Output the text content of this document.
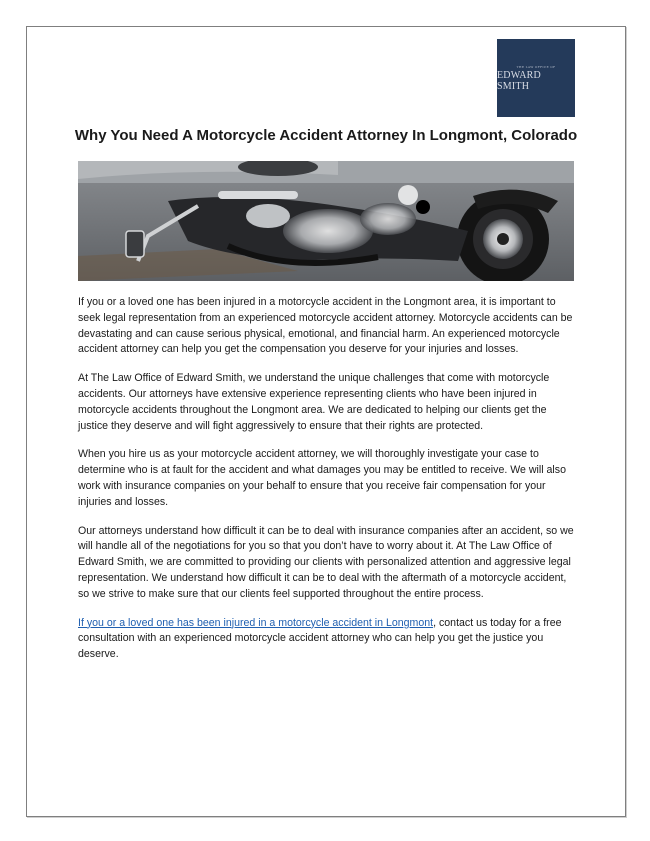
THE LAW OFFICE OF
EDWARD SMITH
Why You Need A Motorcycle Accident Attorney In Longmont, Colorado

If you or a loved one has been injured in a motorcycle accident in the Longmont area, it is important to seek legal representation from an experienced motorcycle accident attorney. Motorcycle accidents can be devastating and can cause serious physical, emotional, and financial harm. An experienced motorcycle accident attorney can help you get the compensation you deserve for your injuries and losses.

At The Law Office of Edward Smith, we understand the unique challenges that come with motorcycle accidents. Our attorneys have extensive experience representing clients who have been injured in motorcycle accidents throughout the Longmont area. We are dedicated to helping our clients get the justice they deserve and will fight aggressively to ensure that their rights are protected.

When you hire us as your motorcycle accident attorney, we will thoroughly investigate your case to determine who is at fault for the accident and what damages you may be entitled to receive. We will also work with insurance companies on your behalf to ensure that you receive fair compensation for your injuries and losses.

Our attorneys understand how difficult it can be to deal with insurance companies after an accident, so we will handle all of the negotiations for you so that you don’t have to worry about it. At The Law Office of Edward Smith, we are committed to providing our clients with personalized attention and aggressive legal representation. We understand how difficult it can be to deal with the aftermath of a motorcycle accident, so we strive to make sure that our clients feel supported throughout the entire process.

If you or a loved one has been injured in a motorcycle accident in Longmont, contact us today for a free consultation with an experienced motorcycle accident attorney who can help you get the justice you deserve.
